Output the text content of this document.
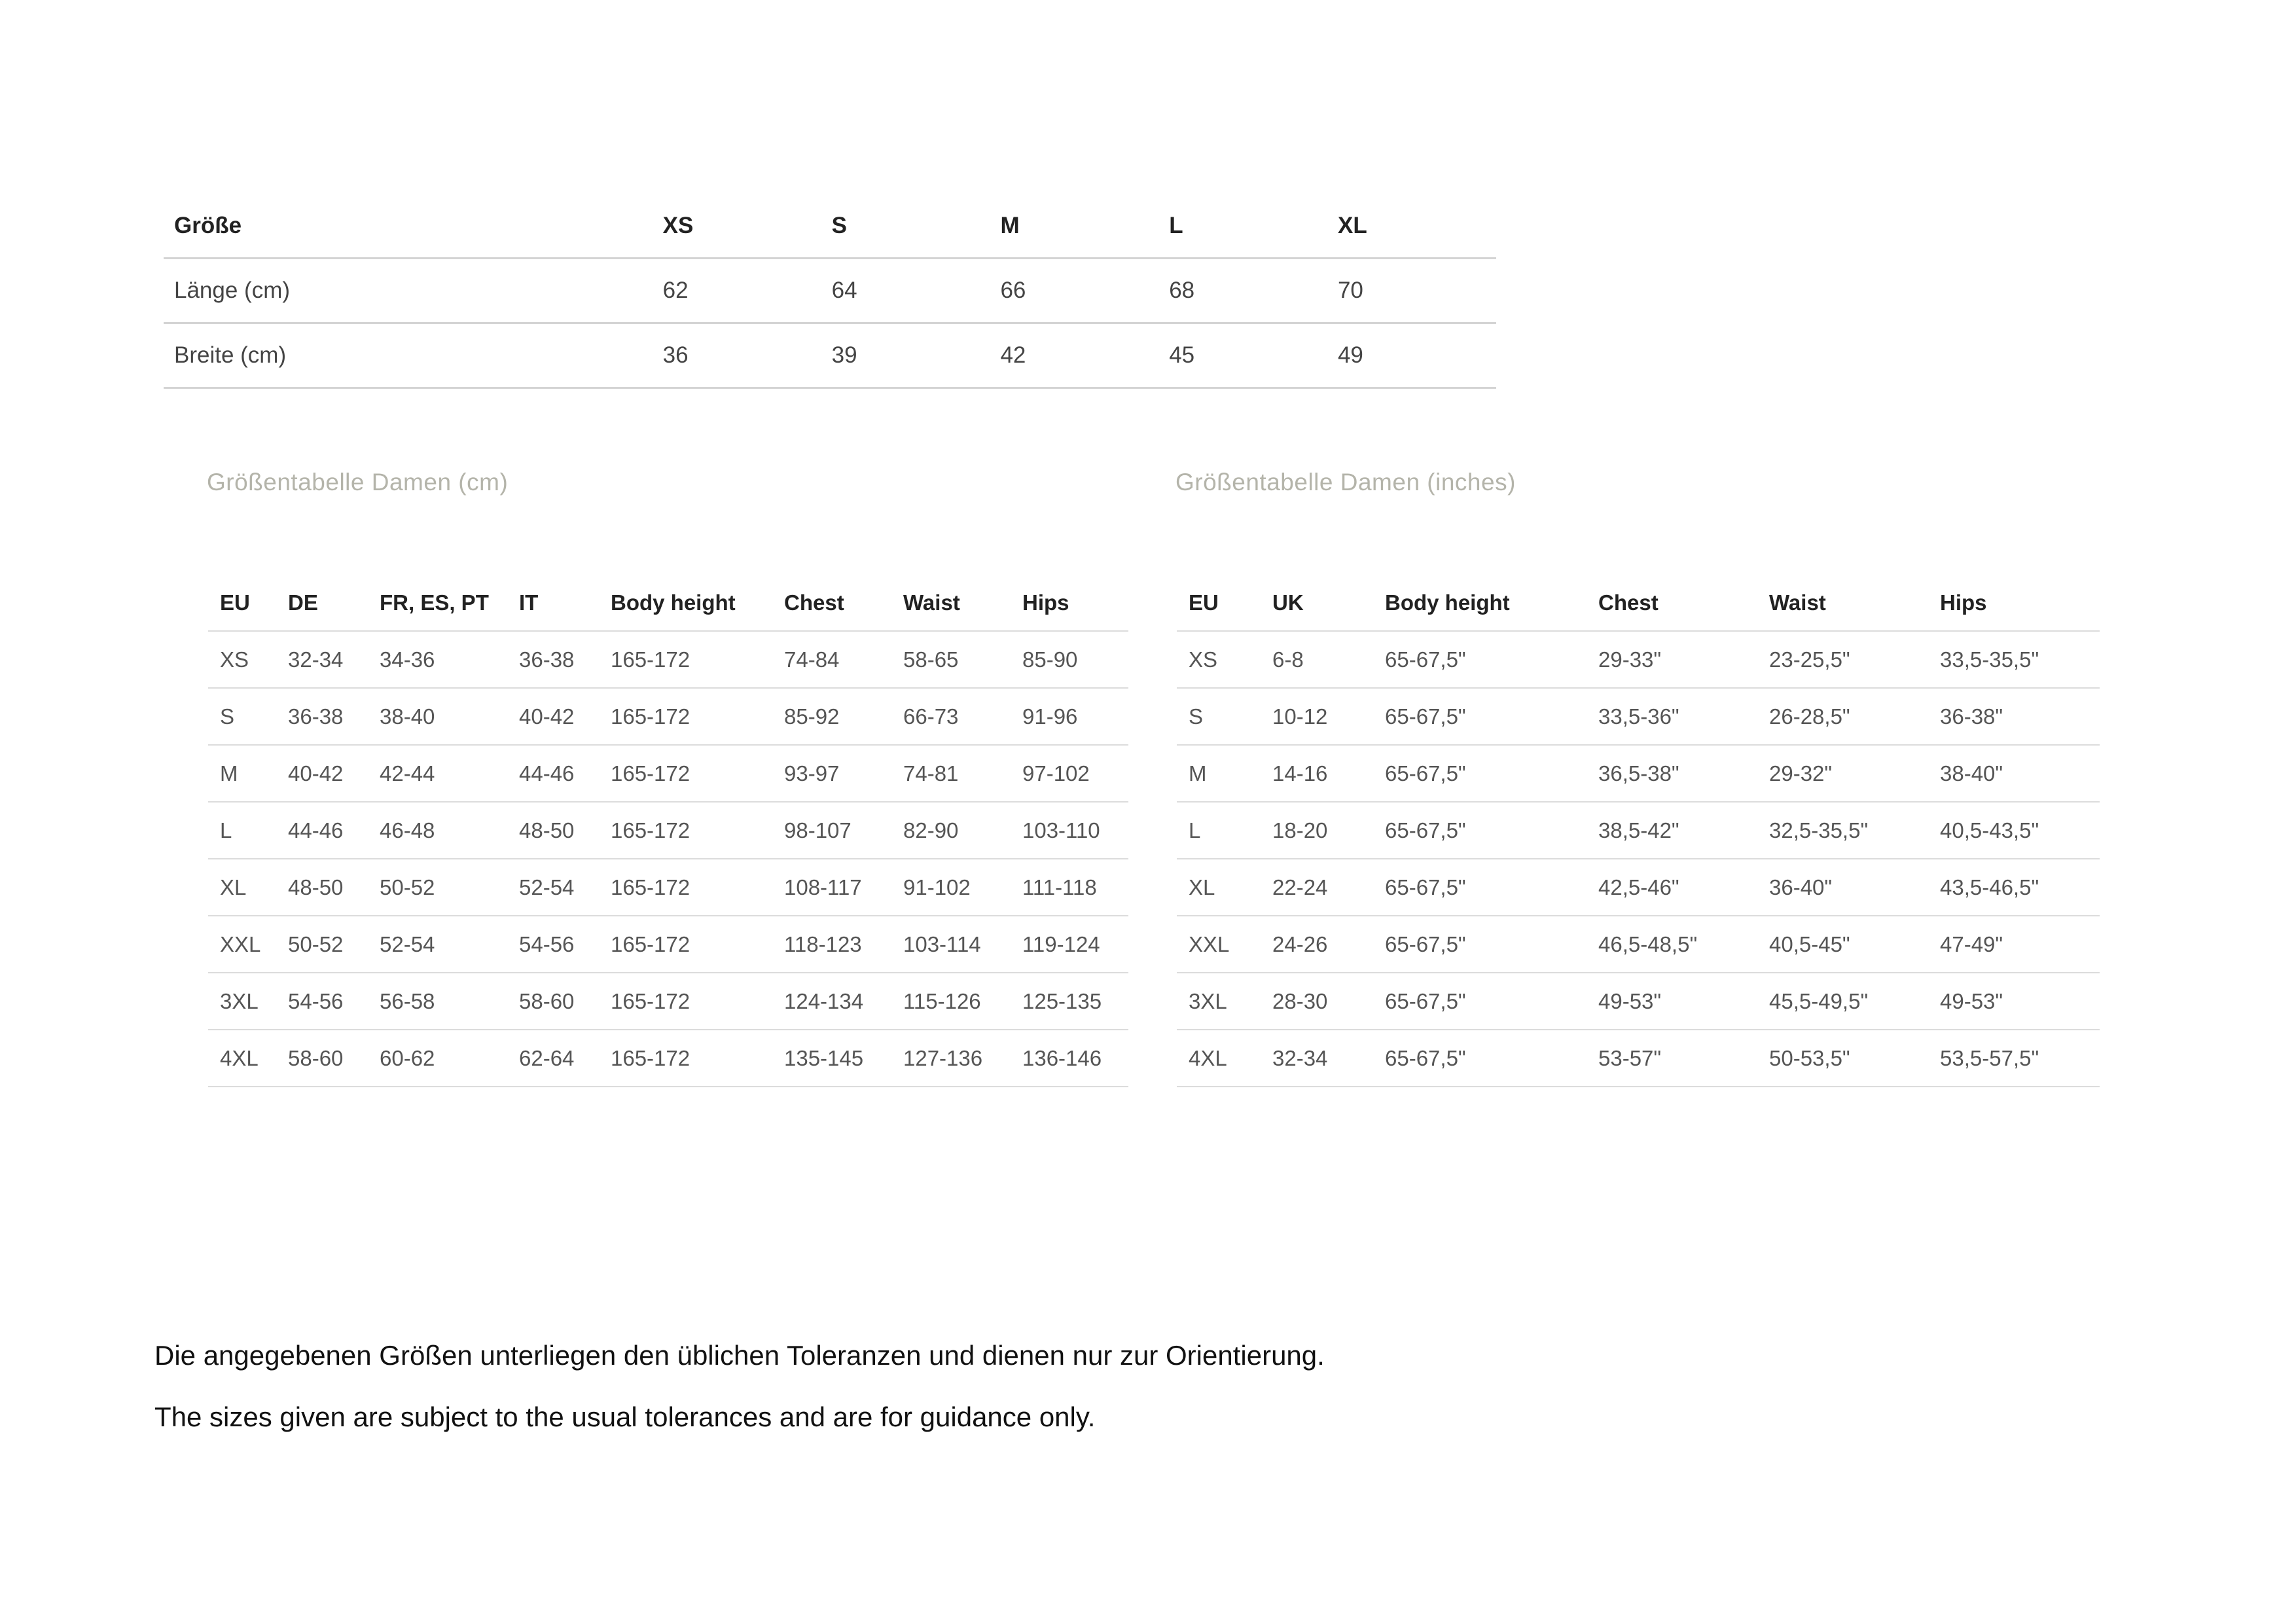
Größe	XS	S	M	L	XL
Länge (cm)	62	64	66	68	70
Breite (cm)	36	39	42	45	49
Größentabelle Damen (cm)	Größentabelle Damen (inches)
EU	DE	FR, ES, PT	IT	Body height	Chest	Waist	Hips
XS	32-34	34-36	36-38	165-172	74-84	58-65	85-90
S	36-38	38-40	40-42	165-172	85-92	66-73	91-96
M	40-42	42-44	44-46	165-172	93-97	74-81	97-102
L	44-46	46-48	48-50	165-172	98-107	82-90	103-110
XL	48-50	50-52	52-54	165-172	108-117	91-102	111-118
XXL	50-52	52-54	54-56	165-172	118-123	103-114	119-124
3XL	54-56	56-58	58-60	165-172	124-134	115-126	125-135
4XL	58-60	60-62	62-64	165-172	135-145	127-136	136-146
EU	UK	Body height	Chest	Waist	Hips
XS	6-8	65-67,5"	29-33"	23-25,5"	33,5-35,5"
S	10-12	65-67,5"	33,5-36"	26-28,5"	36-38"
M	14-16	65-67,5"	36,5-38"	29-32"	38-40"
L	18-20	65-67,5"	38,5-42"	32,5-35,5"	40,5-43,5"
XL	22-24	65-67,5"	42,5-46"	36-40"	43,5-46,5"
XXL	24-26	65-67,5"	46,5-48,5"	40,5-45"	47-49"
3XL	28-30	65-67,5"	49-53"	45,5-49,5"	49-53"
4XL	32-34	65-67,5"	53-57"	50-53,5"	53,5-57,5"
Die angegebenen Größen unterliegen den üblichen Toleranzen und dienen nur zur Orientierung.
The sizes given are subject to the usual tolerances and are for guidance only.
